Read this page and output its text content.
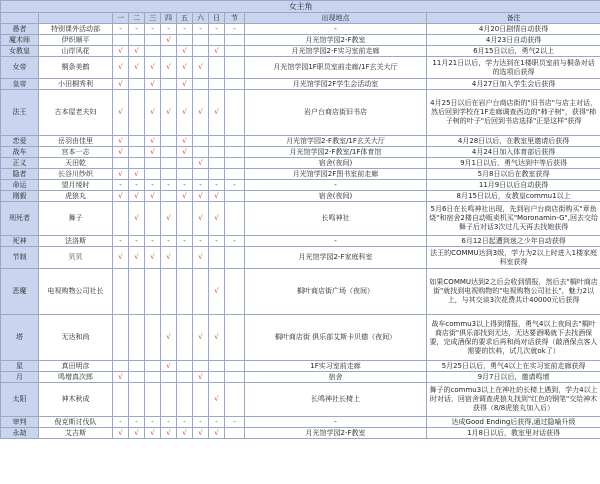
女主角											
		一	二	三	四	五	六	日	节	出现地点	备注
愚者	特别课外活动部	-	-	-	-	-	-	-	-	-	4月20日剧情自动获得
魔术师	伊织顺平				√					月光馆学园2-F教室	4月23日自动获得
女教皇	山岸风花	√	√			√		√		月光馆学园2-F实习室前走廊	6月15日以后，勇气2以上
女帝	桐条美鹤	√	√	√	√	√	√			月光馆学园1F职员室前走廊/1F玄关大厅	11月21日以后，学力达到在1楼职员室前与桐条对话的选项后获得
皇帝	小田桐秀利	√		√		√				月光馆学园2F学生会活动室	4月27日加入学生会后获得
法王	古本屋老夫妇	√		√	√	√	√	√		岩户台商店街旧书店	4月25日以后在岩户台商店街的"旧书店"与店主对话，然后回到学校在1F走廊调查西边的"柿子树"，获得"柿子树的叶子"后回到书店选择"正是这样"获得
恋爱	岳羽由佳里	√		√		√				月光馆学园2-F教室/1F玄关大厅	4月28日以后，在教室里邀请后获得
战车	宫本一志	√		√		√				月光馆学园2-F教室/1F体育馆	4月24日加入体育部后获得
正义	天田乾						√			宿舍(夜间)	9月1日以后，勇气达到中等后获得
隐者	长谷川纱织	√	√							月光馆学园2F图书室前走廊	5月8日以后在教室获得
命运	望月绫时	-	-	-	-	-	-	-	-	-	11月9日以后自动获得
刚毅	虎狼丸	√	√	√		√	√	√		宿舍(夜间)	8月15日以后，女教皇commu1以上
刑死者	舞子		√		√		√	√		长鸣神社	5月6日在长鸣神社出现，先到岩户台商店街购买"章鱼烧"和宿舍2楼自动贩卖机买"Moronamin-G",回去交给舞子后对话3次过几天再去找她获得
死神	法洛斯	-	-	-	-	-	-	-	-	-	6月12日起遭到迷之少年自动获得
节制	贝贝	√	√	√	√		√			月光馆学园2-F家庭科室	法王的COMMU达到3级，学力为2以上时进入1楼家庭科室获得
恶魔	电视购物公司社长							√		榈叶商店街广场（夜间）	如果COMMU达到2之后会收到情报，然后去"榈叶商店街"就找到电视购物的"电视购物公司社长"，魅力2以上，与其交谈3次花费共计40000元后获得
塔	无达和尚				√		√	√		榈叶商店街 俱乐部艾斯卡贝德（夜间）	战车commu3以上得到情报，勇气4以上夜间去"榈叶商店街"俱乐部找到无达，无达要酒喝就下去找酒保要，完成酒保的要求后再和尚对话获得（敲酒保点客人需要的饮料，试几次就ok了）
星	真田明彦				√					1F实习室前走廊	5月25日以后，勇气4以上在实习室前走廊获得
月	鸣增真次郎	√					√			宿舍	9月7日以后，邀请鸣增
太阳	神木秋成							√		长鸣神社长椅上	舞子的commu3以上在神社的长椅上遇到，学力4以上时对话，回宿舍调查虎狼丸找到"红色的钢笔"交给神木获得（8/8虎狼丸加入后）
审判	倪克斯讨伐队	-	-	-	-	-	-	-	-	-	达成Good Ending后获得,通过隐喻升级
永劫	艾吉斯	√	√	√	√	√	√	√		月光馆学园2-F教室	1月8日以后，教室里对话获得
